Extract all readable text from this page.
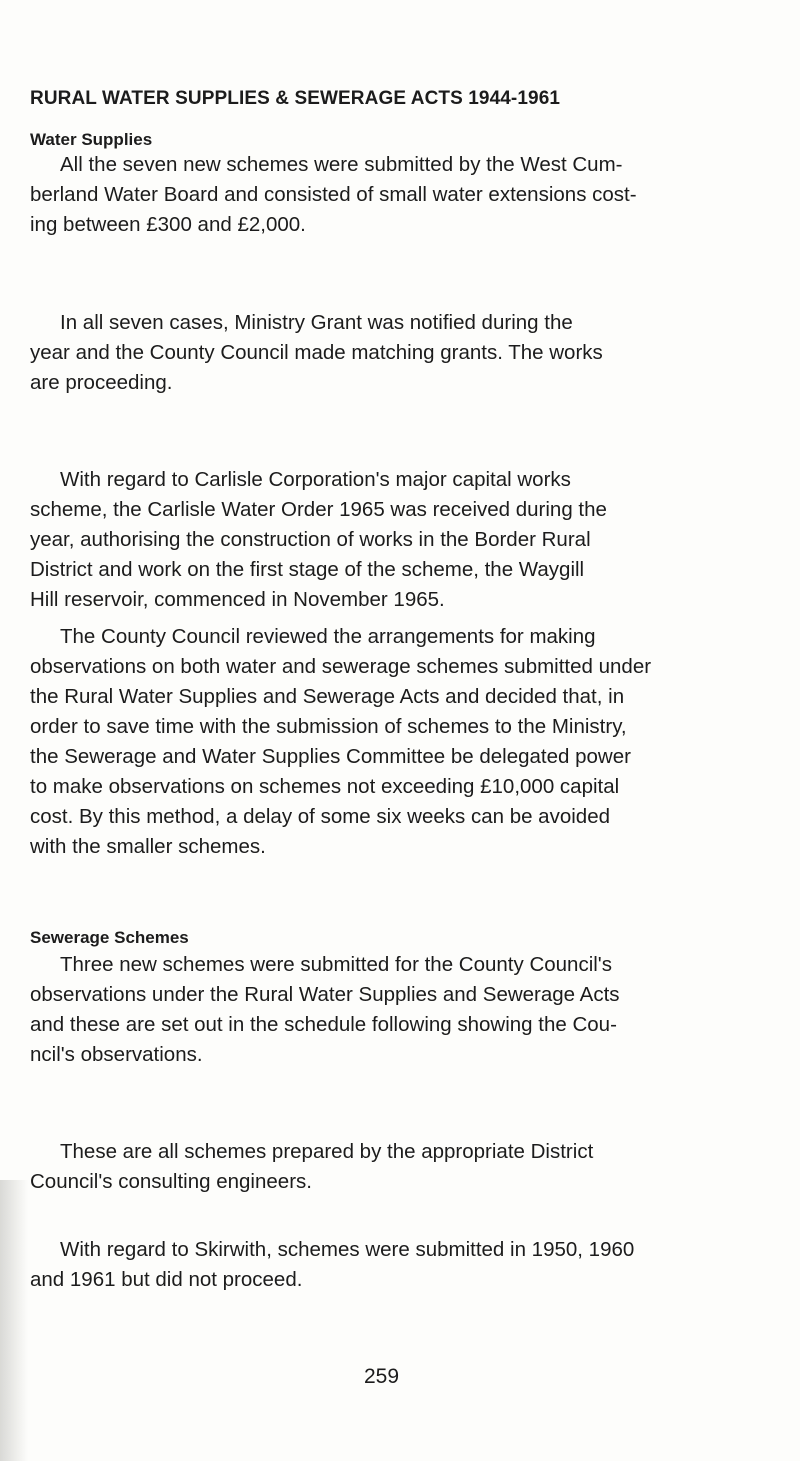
RURAL WATER SUPPLIES & SEWERAGE ACTS 1944-1961
Water Supplies

All the seven new schemes were submitted by the West Cum-
berland Water Board and consisted of small water extensions cost-
ing between £300 and £2,000.

In all seven cases, Ministry Grant was notified during the
year and the County Council made matching grants. The works
are proceeding.

With regard to Carlisle Corporation's major capital works
scheme, the Carlisle Water Order 1965 was received during the
year, authorising the construction of works in the Border Rural
District and work on the first stage of the scheme, the Waygill
Hill reservoir, commenced in November 1965.

The County Council reviewed the arrangements for making
observations on both water and sewerage schemes submitted under
the Rural Water Supplies and Sewerage Acts and decided that, in
order to save time with the submission of schemes to the Ministry,
the Sewerage and Water Supplies Committee be delegated power
to make observations on schemes not exceeding £10,000 capital
cost. By this method, a delay of some six weeks can be avoided
with the smaller schemes.

Sewerage Schemes

Three new schemes were submitted for the County Council's
observations under the Rural Water Supplies and Sewerage Acts
and these are set out in the schedule following showing the Cou-
ncil's observations.

These are all schemes prepared by the appropriate District
Council's consulting engineers.

With regard to Skirwith, schemes were submitted in 1950, 1960
and 1961 but did not proceed.

259
